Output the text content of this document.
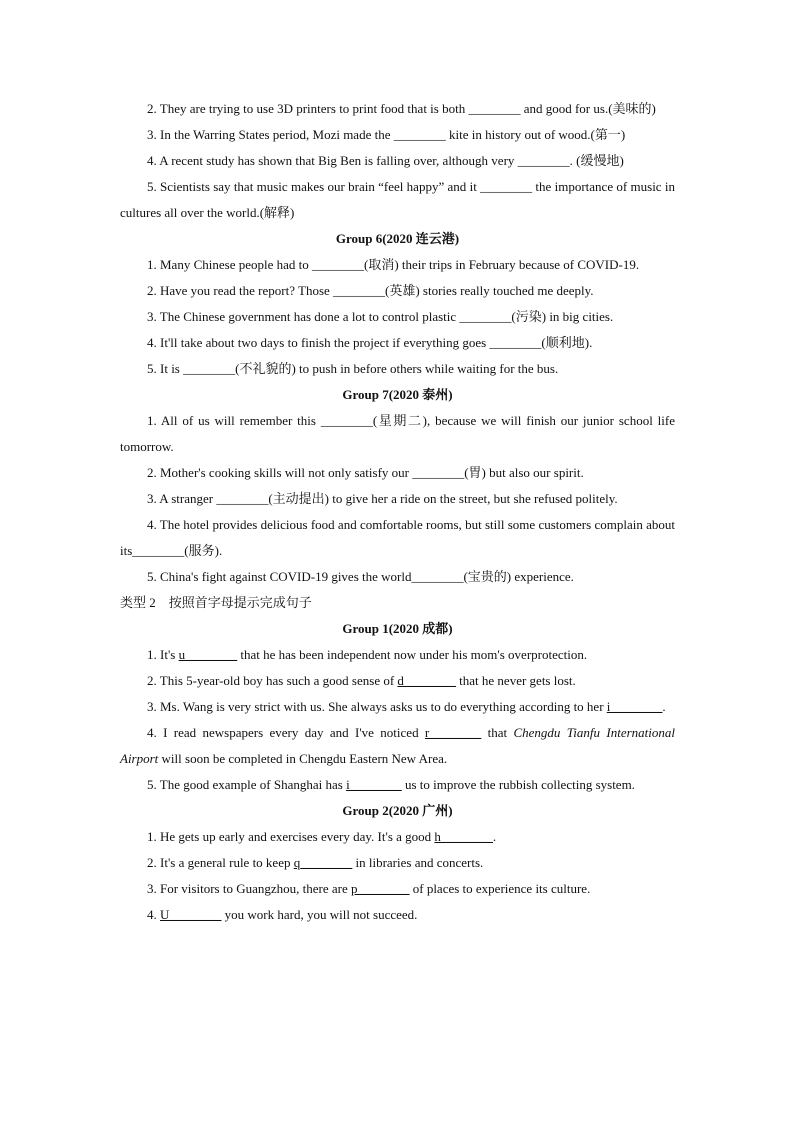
2. They are trying to use 3D printers to print food that is both ________ and good for us.(美味的)

3. In the Warring States period, Mozi made the ________ kite in history out of wood.(第一)

4. A recent study has shown that Big Ben is falling over, although very ________. (缓慢地)

5. Scientists say that music makes our brain “feel happy” and it ________ the importance of music in cultures all over the world.(解释)

Group 6(2020 连云港)

1. Many Chinese people had to ________(取消) their trips in February because of COVID-19.

2. Have you read the report? Those ________(英雄) stories really touched me deeply.

3. The Chinese government has done a lot to control plastic ________(污染) in big cities.

4. It'll take about two days to finish the project if everything goes ________(顺利地).

5. It is ________(不礼貌的) to push in before others while waiting for the bus.

Group 7(2020 泰州)

1. All of us will remember this ________(星期二), because we will finish our junior school life tomorrow.

2. Mother's cooking skills will not only satisfy our ________(胃) but also our spirit.

3. A stranger ________(主动提出) to give her a ride on the street, but she refused politely.

4. The hotel provides delicious food and comfortable rooms, but still some customers complain about its________(服务).

5. China's fight against COVID-19 gives the world________(宝贵的) experience.

类型 2　按照首字母提示完成句子

Group 1(2020 成都)

1. It's u________ that he has been independent now under his mom's overprotection.

2. This 5-year-old boy has such a good sense of d________ that he never gets lost.

3. Ms. Wang is very strict with us. She always asks us to do everything according to her i________.

4. I read newspapers every day and I've noticed r________ that Chengdu Tianfu International Airport will soon be completed in Chengdu Eastern New Area.

5. The good example of Shanghai has i________ us to improve the rubbish collecting system.

Group 2(2020 广州)

1. He gets up early and exercises every day. It's a good h________.

2. It's a general rule to keep q________ in libraries and concerts.

3. For visitors to Guangzhou, there are p________ of places to experience its culture.

4. U________ you work hard, you will not succeed.
